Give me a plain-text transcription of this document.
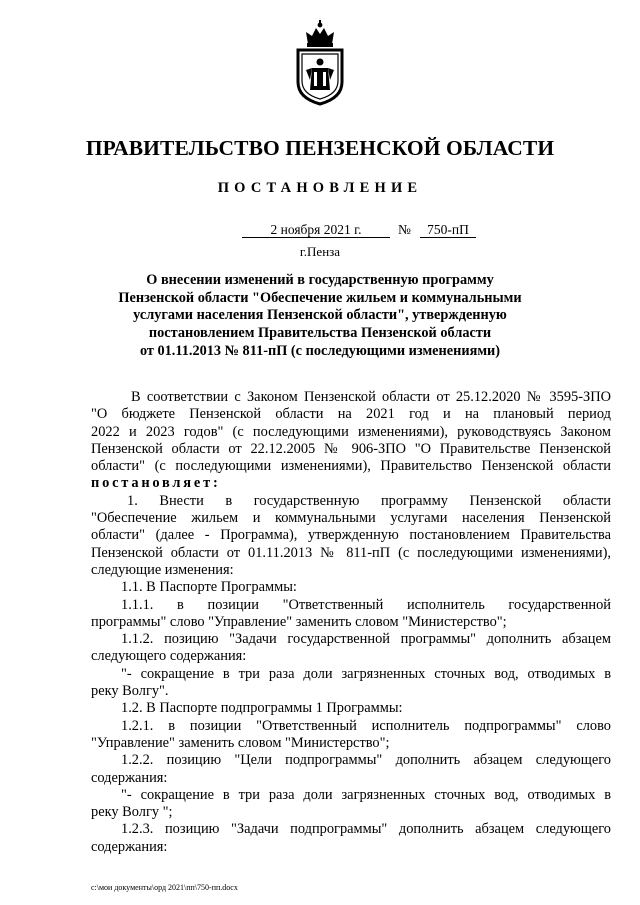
ПРАВИТЕЛЬСТВО ПЕНЗЕНСКОЙ ОБЛАСТИ
ПОСТАНОВЛЕНИЕ
2 ноября 2021 г.	№	750-пП
г.Пенза
О внесении изменений в государственную программу
Пензенской области "Обеспечение жильем и коммунальными
услугами населения Пензенской области", утвержденную
постановлением Правительства Пензенской области
от 01.11.2013 № 811-пП (с последующими изменениями)
В соответствии с Законом Пензенской области от 25.12.2020 № 3595-ЗПО
"О бюджете Пензенской области на 2021 год и на плановый период
2022 и 2023 годов" (с последующими изменениями), руководствуясь Законом
Пензенской области от 22.12.2005 № 906-ЗПО "О Правительстве Пензенской
области" (с последующими изменениями), Правительство Пензенской области
постановляет:
1. Внести в государственную программу Пензенской области
"Обеспечение жильем и коммунальными услугами населения Пензенской
области" (далее - Программа), утвержденную постановлением Правительства
Пензенской области от 01.11.2013 № 811-пП (с последующими изменениями),
следующие изменения:
1.1. В Паспорте Программы:
1.1.1. в позиции "Ответственный исполнитель государственной
программы" слово "Управление" заменить словом "Министерство";
1.1.2. позицию "Задачи государственной программы" дополнить абзацем
следующего содержания:
"- сокращение в три раза доли загрязненных сточных вод, отводимых в
реку Волгу".
1.2. В Паспорте подпрограммы 1 Программы:
1.2.1. в позиции "Ответственный исполнитель подпрограммы" слово
"Управление" заменить словом "Министерство";
1.2.2. позицию "Цели подпрограммы" дополнить абзацем следующего
содержания:
"- сокращение в три раза доли загрязненных сточных вод, отводимых в
реку Волгу ";
1.2.3. позицию "Задачи подпрограммы" дополнить абзацем следующего
содержания:
c:\мои документы\орд 2021\пп\750-пп.docx
